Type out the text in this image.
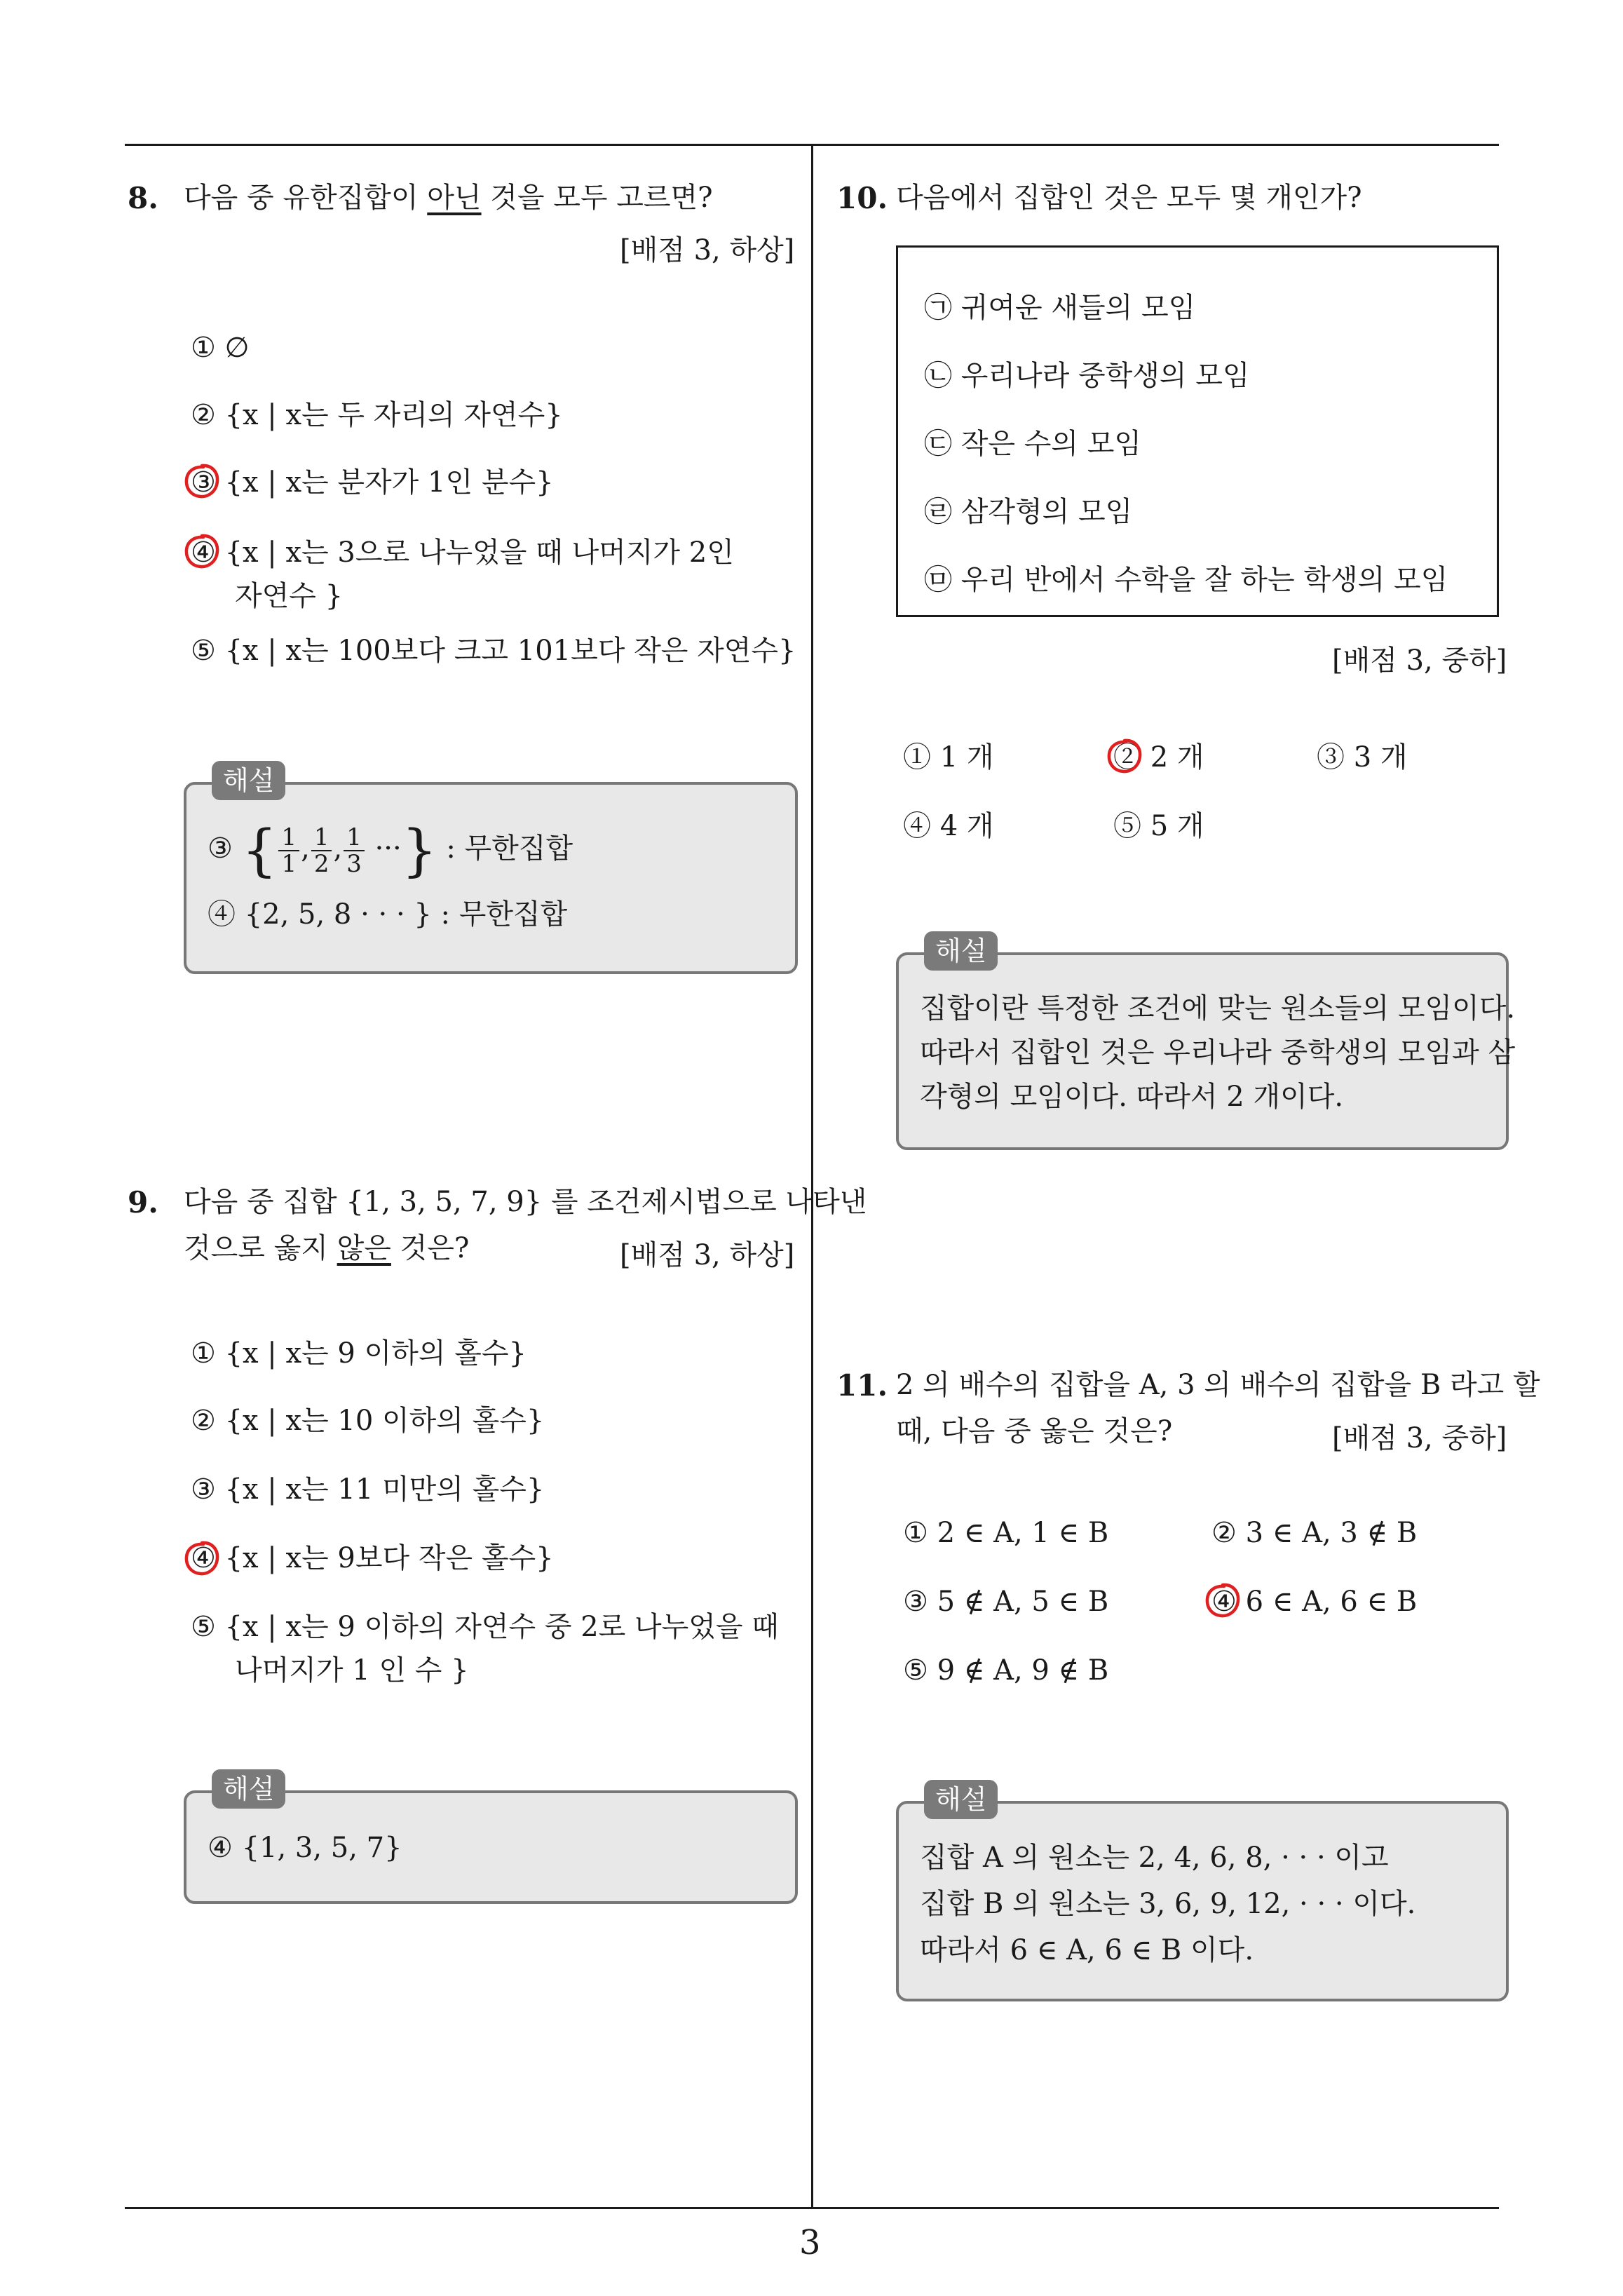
8. 다음 중 유한집합이 아닌 것을 모두 고르면?
[배점 3, 하상]
① ∅
② {x | x는 두 자리의 자연수}
③ {x | x는 분자가 1인 분수}
④ {x | x는 3으로 나누었을 때 나머지가 2인
자연수 }
⑤ {x | x는 100보다 크고 101보다 작은 자연수}
해설
③ { $\frac{1}{1}$ , $\frac{1}{2}$ , $\frac{1}{3}$ ···} : 무한집합
④ {2, 5, 8 · · · } : 무한집합
9. 다음 중 집합 {1, 3, 5, 7, 9} 를 조건제시법으로 나타낸
것으로 옳지 않은 것은?	[배점 3, 하상]
① {x | x는 9 이하의 홀수}
② {x | x는 10 이하의 홀수}
③ {x | x는 11 미만의 홀수}
④ {x | x는 9보다 작은 홀수}
⑤ {x | x는 9 이하의 자연수 중 2로 나누었을 때
나머지가 1 인 수 }
해설
④ {1, 3, 5, 7}
10. 다음에서 집합인 것은 모두 몇 개인가?
㉠ 귀여운 새들의 모임
㉡ 우리나라 중학생의 모임
㉢ 작은 수의 모임
㉣ 삼각형의 모임
㉤ 우리 반에서 수학을 잘 하는 학생의 모임
[배점 3, 중하]
① 1 개	② 2 개	③ 3 개
④ 4 개	⑤ 5 개
해설
집합이란 특정한 조건에 맞는 원소들의 모임이다.
따라서 집합인 것은 우리나라 중학생의 모임과 삼
각형의 모임이다. 따라서 2 개이다.
11. 2 의 배수의 집합을 A, 3 의 배수의 집합을 B 라고 할
때, 다음 중 옳은 것은?	[배점 3, 중하]
① 2 ∈ A, 1 ∈ B	② 3 ∈ A, 3 ∉ B
③ 5 ∉ A, 5 ∈ B	④ 6 ∈ A, 6 ∈ B
⑤ 9 ∉ A, 9 ∉ B
해설
집합 A 의 원소는 2, 4, 6, 8, · · · 이고
집합 B 의 원소는 3, 6, 9, 12, · · · 이다.
따라서 6 ∈ A, 6 ∈ B 이다.
3
